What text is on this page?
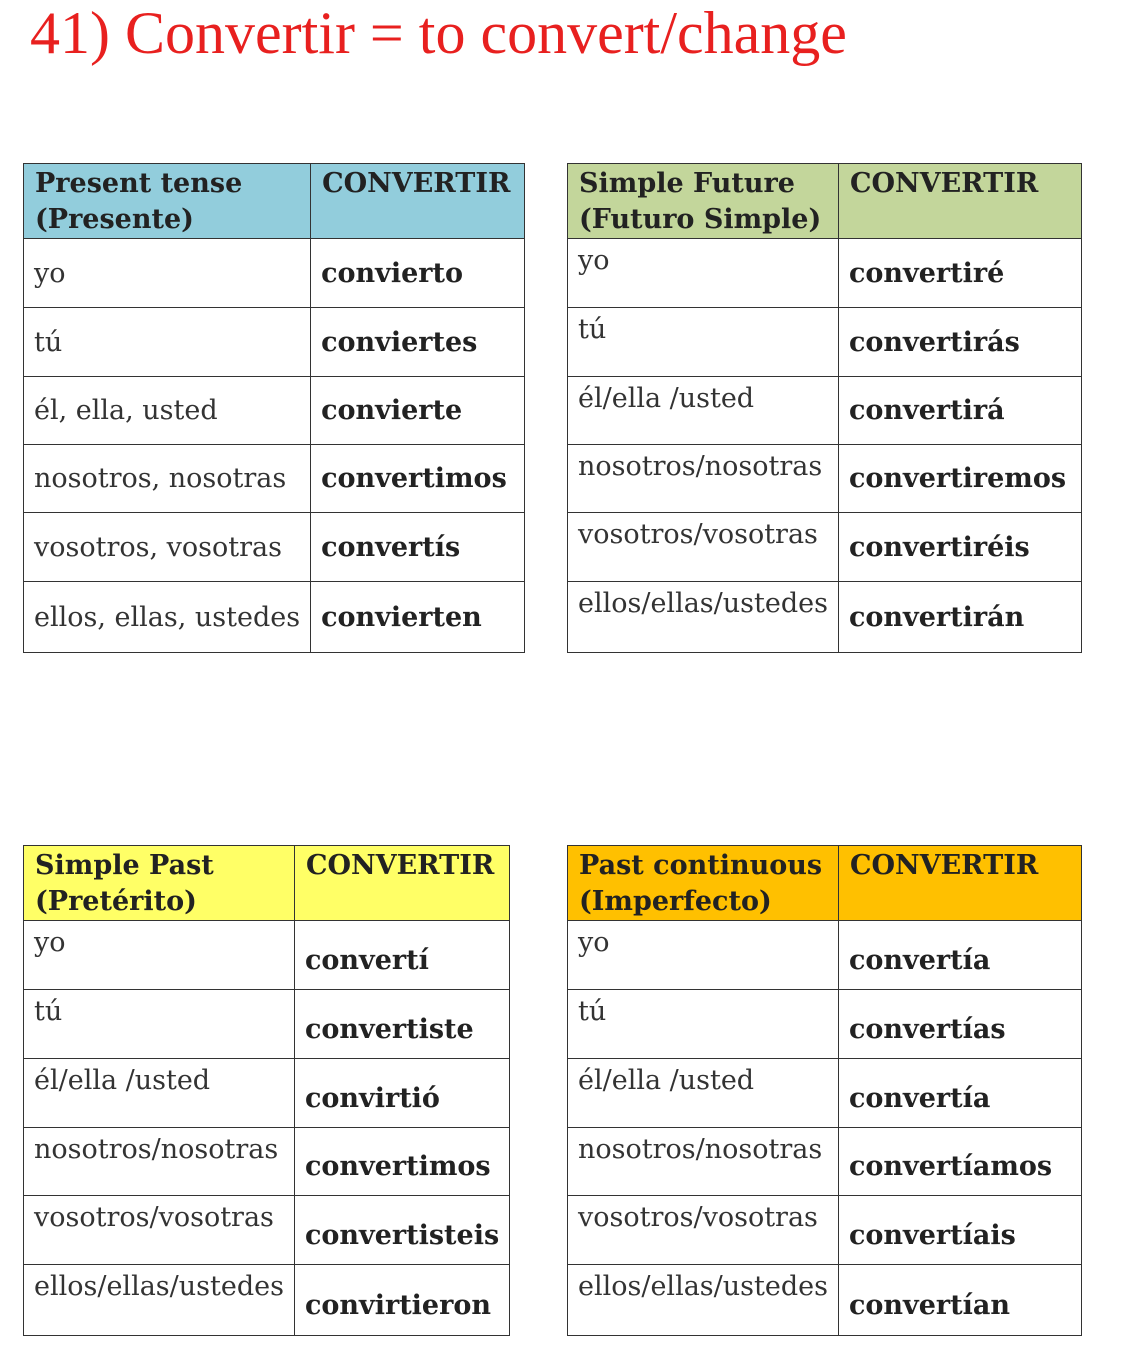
41) Convertir = to convert/change
Present tense
(Presente)	CONVERTIR
yo	convierto
tú	conviertes
él, ella, usted	convierte
nosotros, nosotras	convertimos
vosotros, vosotras	convertís
ellos, ellas, ustedes	convierten
Simple Future
(Futuro Simple)	CONVERTIR
yo	convertiré
tú	convertirás
él/ella /usted	convertirá
nosotros/nosotras	convertiremos
vosotros/vosotras	convertiréis
ellos/ellas/ustedes	convertirán
Simple Past
(Pretérito)	CONVERTIR
yo	convertí
tú	convertiste
él/ella /usted	convirtió
nosotros/nosotras	convertimos
vosotros/vosotras	convertisteis
ellos/ellas/ustedes	convirtieron
Past continuous
(Imperfecto)	CONVERTIR
yo	convertía
tú	convertías
él/ella /usted	convertía
nosotros/nosotras	convertíamos
vosotros/vosotras	convertíais
ellos/ellas/ustedes	convertían
